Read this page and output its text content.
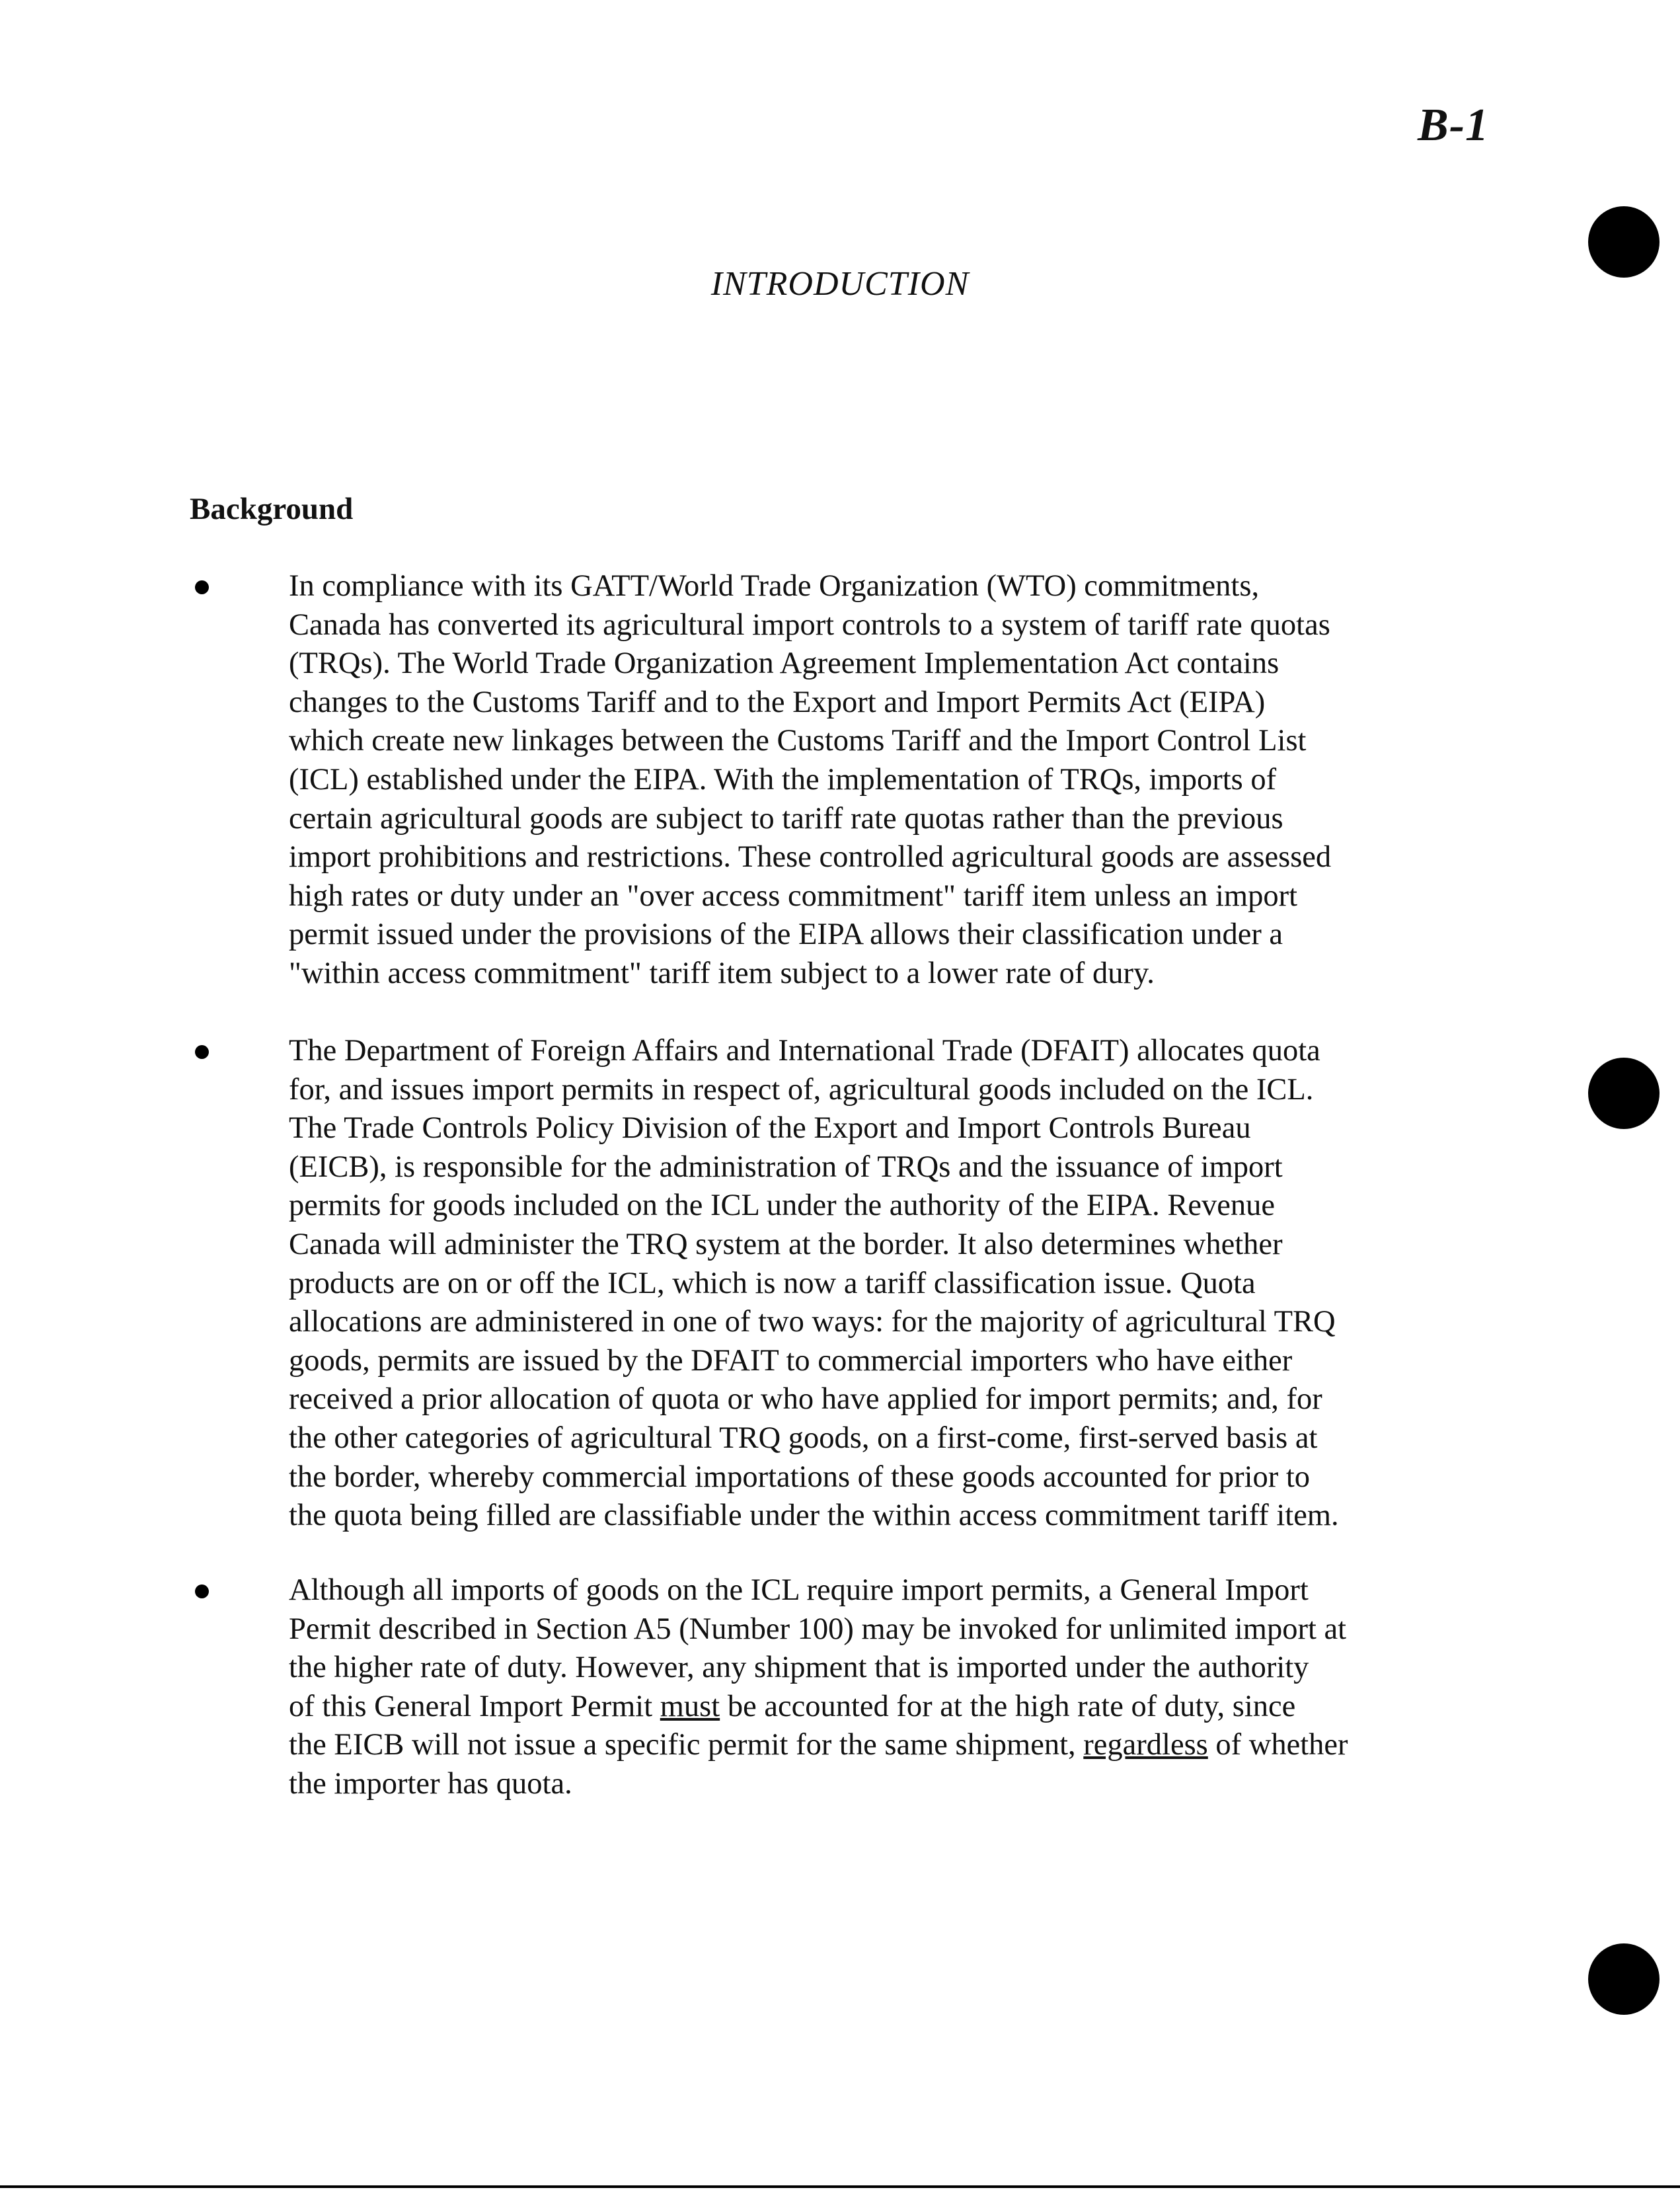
B-1
INTRODUCTION
Background
In compliance with its GATT/World Trade Organization (WTO) commitments,
Canada has converted its agricultural import controls to a system of tariff rate quotas
(TRQs). The World Trade Organization Agreement Implementation Act contains
changes to the Customs Tariff and to the Export and Import Permits Act (EIPA)
which create new linkages between the Customs Tariff and the Import Control List
(ICL) established under the EIPA. With the implementation of TRQs, imports of
certain agricultural goods are subject to tariff rate quotas rather than the previous
import prohibitions and restrictions. These controlled agricultural goods are assessed
high rates or duty under an "over access commitment" tariff item unless an import
permit issued under the provisions of the EIPA allows their classification under a
"within access commitment" tariff item subject to a lower rate of dury.
The Department of Foreign Affairs and International Trade (DFAIT) allocates quota
for, and issues import permits in respect of, agricultural goods included on the ICL.
The Trade Controls Policy Division of the Export and Import Controls Bureau
(EICB), is responsible for the administration of TRQs and the issuance of import
permits for goods included on the ICL under the authority of the EIPA. Revenue
Canada will administer the TRQ system at the border. It also determines whether
products are on or off the ICL, which is now a tariff classification issue. Quota
allocations are administered in one of two ways: for the majority of agricultural TRQ
goods, permits are issued by the DFAIT to commercial importers who have either
received a prior allocation of quota or who have applied for import permits; and, for
the other categories of agricultural TRQ goods, on a first-come, first-served basis at
the border, whereby commercial importations of these goods accounted for prior to
the quota being filled are classifiable under the within access commitment tariff item.
Although all imports of goods on the ICL require import permits, a General Import
Permit described in Section A5 (Number 100) may be invoked for unlimited import at
the higher rate of duty. However, any shipment that is imported under the authority
of this General Import Permit must be accounted for at the high rate of duty, since
the EICB will not issue a specific permit for the same shipment, regardless of whether
the importer has quota.
